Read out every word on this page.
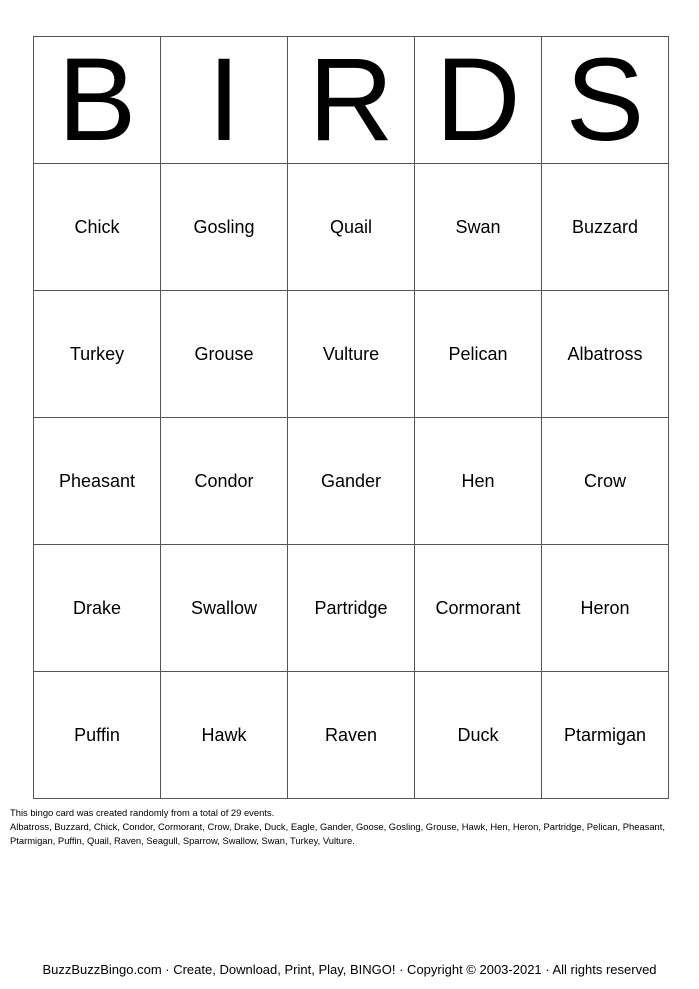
B	I	R	D	S
Chick	Gosling	Quail	Swan	Buzzard
Turkey	Grouse	Vulture	Pelican	Albatross
Pheasant	Condor	Gander	Hen	Crow
Drake	Swallow	Partridge	Cormorant	Heron
Puffin	Hawk	Raven	Duck	Ptarmigan
This bingo card was created randomly from a total of 29 events.
Albatross, Buzzard, Chick, Condor, Cormorant, Crow, Drake, Duck, Eagle, Gander, Goose, Gosling, Grouse, Hawk, Hen, Heron, Partridge, Pelican, Pheasant,
Ptarmigan, Puffin, Quail, Raven, Seagull, Sparrow, Swallow, Swan, Turkey, Vulture.
BuzzBuzzBingo.com · Create, Download, Print, Play, BINGO! · Copyright © 2003-2021 · All rights reserved
